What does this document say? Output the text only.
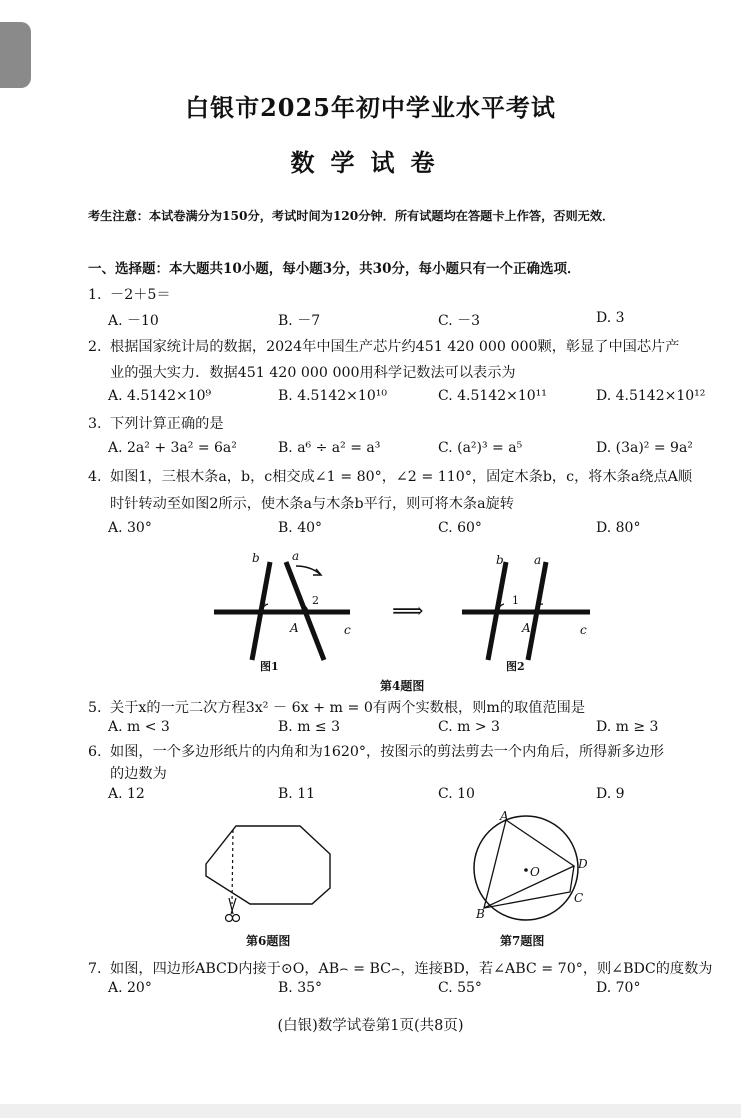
白银市2025年初中学业水平考试
数学试卷
考生注意：本试卷满分为150分，考试时间为120分钟．所有试题均在答题卡上作答，否则无效．
一、选择题：本大题共10小题，每小题3分，共30分，每小题只有一个正确选项．
1. －2＋5＝
A. －10	B. －7	C. －3	D. 3
2. 根据国家统计局的数据，2024年中国生产芯片约451 420 000 000颗，彰显了中国芯片产
业的强大实力．数据451 420 000 000用科学记数法可以表示为
A. 4.5142×10⁹	B. 4.5142×10¹⁰	C. 4.5142×10¹¹	D. 4.5142×10¹²
3. 下列计算正确的是
A. 2a² + 3a² = 6a²	B. a⁶ ÷ a² = a³	C. (a²)³ = a⁵	D. (3a)² = 9a²
4. 如图1，三根木条a，b，c相交成∠1 = 80°，∠2 = 110°，固定木条b，c，将木条a绕点A顺
时针转动至如图2所示，使木条a与木条b平行，则可将木条a旋转
A. 30°	B. 40°	C. 60°	D. 80°
b	a
c
A
b	a
c
A
1	2	1
⟹
图1	图2
第4题图
5. 关于x的一元二次方程3x² － 6x + m = 0有两个实数根，则m的取值范围是
A. m < 3	B. m ≤ 3	C. m > 3	D. m ≥ 3
6. 如图，一个多边形纸片的内角和为1620°，按图示的剪法剪去一个内角后，所得新多边形
的边数为
A. 12	B. 11	C. 10	D. 9
第6题图
A
B
C
D
O
第7题图
7. 如图，四边形ABCD内接于⊙O，AB⌢ = BC⌢，连接BD，若∠ABC = 70°，则∠BDC的度数为
A. 20°	B. 35°	C. 55°	D. 70°
(白银)数学试卷第1页(共8页)
